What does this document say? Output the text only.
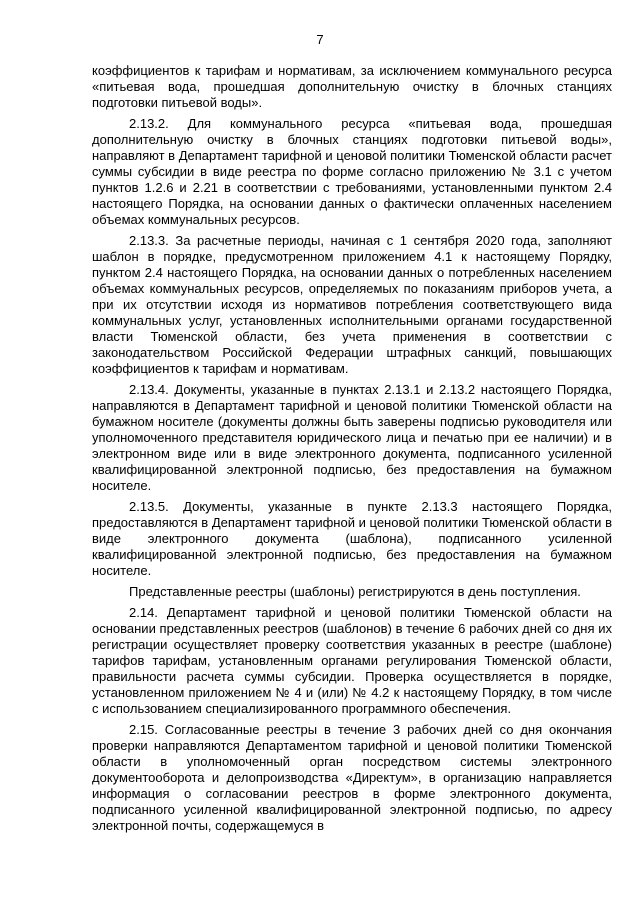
7

коэффициентов к тарифам и нормативам, за исключением коммунального ресурса «питьевая вода, прошедшая дополнительную очистку в блочных станциях подготовки питьевой воды».

2.13.2. Для коммунального ресурса «питьевая вода, прошедшая дополнительную очистку в блочных станциях подготовки питьевой воды», направляют в Департамент тарифной и ценовой политики Тюменской области расчет суммы субсидии в виде реестра по форме согласно приложению № 3.1 с учетом пунктов 1.2.6 и 2.21 в соответствии с требованиями, установленными пунктом 2.4 настоящего Порядка, на основании данных о фактически оплаченных населением объемах коммунальных ресурсов.

2.13.3. За расчетные периоды, начиная с 1 сентября 2020 года, заполняют шаблон в порядке, предусмотренном приложением 4.1 к настоящему Порядку, пунктом 2.4 настоящего Порядка, на основании данных о потребленных населением объемах коммунальных ресурсов, определяемых по показаниям приборов учета, а при их отсутствии исходя из нормативов потребления соответствующего вида коммунальных услуг, установленных исполнительными органами государственной власти Тюменской области, без учета применения в соответствии с законодательством Российской Федерации штрафных санкций, повышающих коэффициентов к тарифам и нормативам.

2.13.4. Документы, указанные в пунктах 2.13.1 и 2.13.2 настоящего Порядка, направляются в Департамент тарифной и ценовой политики Тюменской области на бумажном носителе (документы должны быть заверены подписью руководителя или уполномоченного представителя юридического лица и печатью при ее наличии) и в электронном виде или в виде электронного документа, подписанного усиленной квалифицированной электронной подписью, без предоставления на бумажном носителе.

2.13.5. Документы, указанные в пункте 2.13.3 настоящего Порядка, предоставляются в Департамент тарифной и ценовой политики Тюменской области в виде электронного документа (шаблона), подписанного усиленной квалифицированной электронной подписью, без предоставления на бумажном носителе.

Представленные реестры (шаблоны) регистрируются в день поступления.

2.14. Департамент тарифной и ценовой политики Тюменской области на основании представленных реестров (шаблонов) в течение 6 рабочих дней со дня их регистрации осуществляет проверку соответствия указанных в реестре (шаблоне) тарифов тарифам, установленным органами регулирования Тюменской области, правильности расчета суммы субсидии. Проверка осуществляется в порядке, установленном приложением № 4 и (или) № 4.2 к настоящему Порядку, в том числе с использованием специализированного программного обеспечения.

2.15. Согласованные реестры в течение 3 рабочих дней со дня окончания проверки направляются Департаментом тарифной и ценовой политики Тюменской области в уполномоченный орган посредством системы электронного документооборота и делопроизводства «Директум», в организацию направляется информация о согласовании реестров в форме электронного документа, подписанного усиленной квалифицированной электронной подписью, по адресу электронной почты, содержащемуся в
